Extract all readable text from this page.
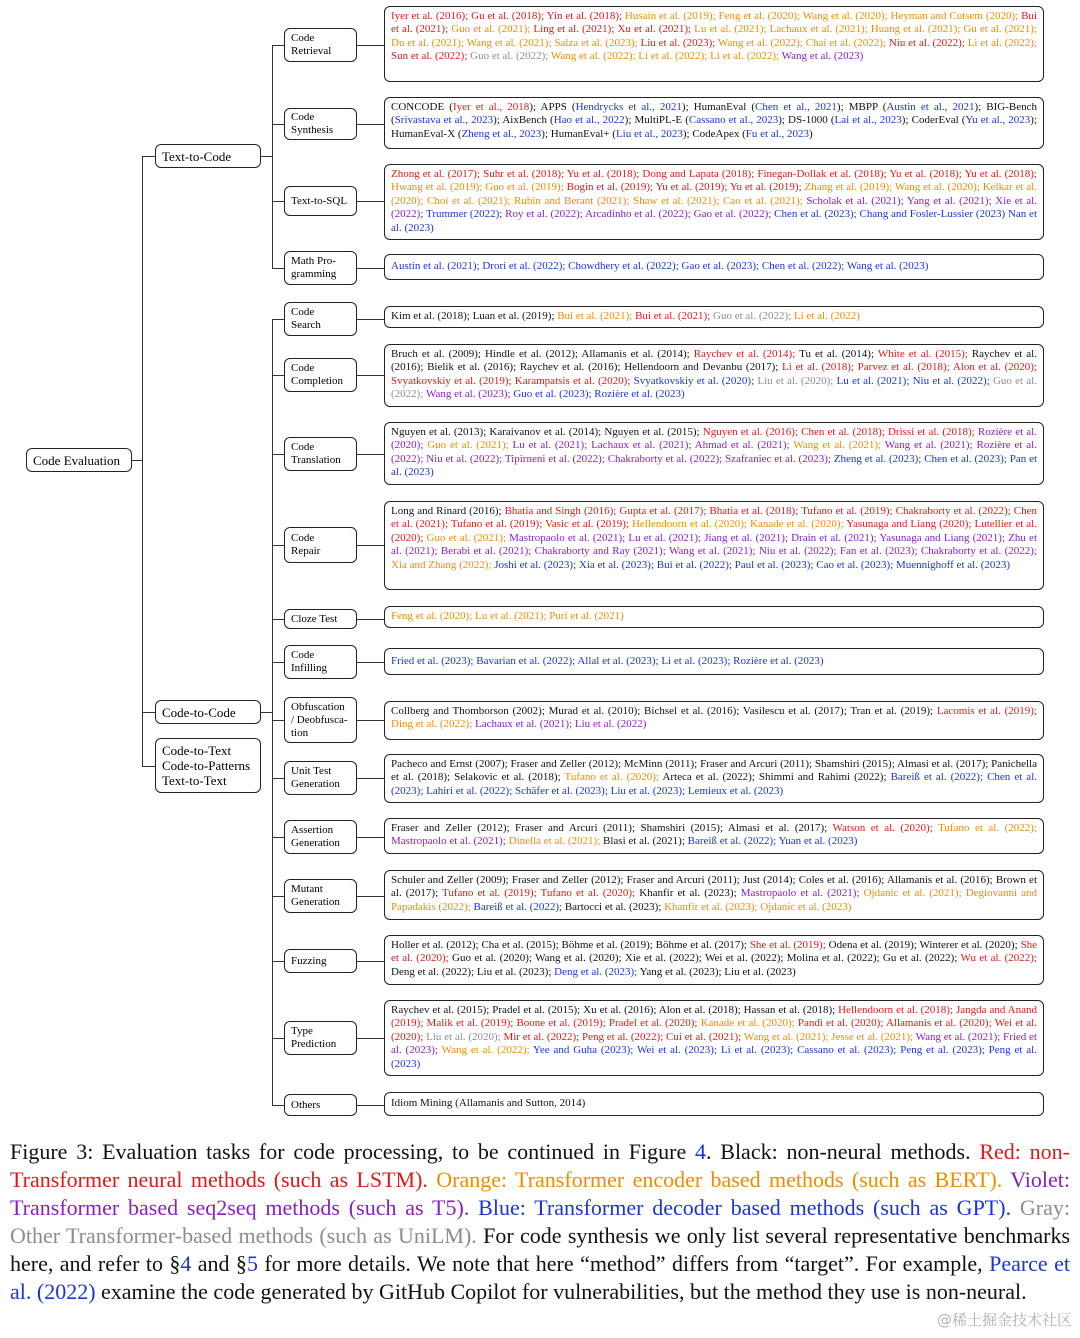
Code Evaluation
Text-to-Code
Code
Retrieval
Iyer et al. (2016); Gu et al. (2018); Yin et al. (2018); Husain et al. (2019); Feng et al. (2020); Wang et al. (2020); Heyman and Cutsem (2020); Bui et al. (2021); Guo et al. (2021); Ling et al. (2021); Xu et al. (2021); Lu et al. (2021); Lachaux et al. (2021); Huang et al. (2021); Gu et al. (2021); Du et al. (2021); Wang et al. (2021); Salza et al. (2023); Liu et al. (2023); Wang et al. (2022); Chai et al. (2022); Niu et al. (2022); Li et al. (2022); Sun et al. (2022); Guo et al. (2022); Wang et al. (2022); Li et al. (2022); Li et al. (2022); Wang et al. (2023)
Code
Synthesis
CONCODE (Iyer et al., 2018); APPS (Hendrycks et al., 2021); HumanEval (Chen et al., 2021); MBPP (Austin et al., 2021); BIG-Bench (Srivastava et al., 2023); AixBench (Hao et al., 2022); MultiPL-E (Cassano et al., 2023); DS-1000 (Lai et al., 2023); CoderEval (Yu et al., 2023); HumanEval-X (Zheng et al., 2023); HumanEval+ (Liu et al., 2023); CodeApex (Fu et al., 2023)
Text-to-SQL
Zhong et al. (2017); Suhr et al. (2018); Yu et al. (2018); Dong and Lapata (2018); Finegan-Dollak et al. (2018); Yu et al. (2018); Yu et al. (2018); Hwang et al. (2019); Guo et al. (2019); Bogin et al. (2019); Yu et al. (2019); Yu et al. (2019); Zhang et al. (2019); Wang et al. (2020); Kelkar et al. (2020); Choi et al. (2021); Rubin and Berant (2021); Shaw et al. (2021); Cao et al. (2021); Scholak et al. (2021); Yang et al. (2021); Xie et al. (2022); Trummer (2022); Roy et al. (2022); Arcadinho et al. (2022); Gao et al. (2022); Chen et al. (2023); Chang and Fosler-Lussier (2023) Nan et al. (2023)
Math Pro-
gramming
Austin et al. (2021); Drori et al. (2022); Chowdhery et al. (2022); Gao et al. (2023); Chen et al. (2022); Wang et al. (2023)
Code-to-Code
Code
Search
Kim et al. (2018); Luan et al. (2019); Bui et al. (2021); Bui et al. (2021); Guo et al. (2022); Li et al. (2022)
Code
Completion
Bruch et al. (2009); Hindle et al. (2012); Allamanis et al. (2014); Raychev et al. (2014); Tu et al. (2014); White et al. (2015); Raychev et al. (2016); Bielik et al. (2016); Raychev et al. (2016); Hellendoorn and Devanbu (2017); Li et al. (2018); Parvez et al. (2018); Alon et al. (2020); Svyatkovskiy et al. (2019); Karampatsis et al. (2020); Svyatkovskiy et al. (2020); Liu et al. (2020); Lu et al. (2021); Niu et al. (2022); Guo et al. (2022); Wang et al. (2023); Guo et al. (2023); Rozière et al. (2023)
Code
Translation
Nguyen et al. (2013); Karaivanov et al. (2014); Nguyen et al. (2015); Nguyen et al. (2016); Chen et al. (2018); Drissi et al. (2018); Rozière et al. (2020); Guo et al. (2021); Lu et al. (2021); Lachaux et al. (2021); Ahmad et al. (2021); Wang et al. (2021); Wang et al. (2021); Rozière et al. (2022); Niu et al. (2022); Tipirneni et al. (2022); Chakraborty et al. (2022); Szafraniec et al. (2023); Zheng et al. (2023); Chen et al. (2023); Pan et al. (2023)
Code
Repair
Long and Rinard (2016); Bhatia and Singh (2016); Gupta et al. (2017); Bhatia et al. (2018); Tufano et al. (2019); Chakraborty et al. (2022); Chen et al. (2021); Tufano et al. (2019); Vasic et al. (2019); Hellendoorn et al. (2020); Kanade et al. (2020); Yasunaga and Liang (2020); Lutellier et al. (2020); Guo et al. (2021); Mastropaolo et al. (2021); Lu et al. (2021); Jiang et al. (2021); Drain et al. (2021); Yasunaga and Liang (2021); Zhu et al. (2021); Berabi et al. (2021); Chakraborty and Ray (2021); Wang et al. (2021); Niu et al. (2022); Fan et al. (2023); Chakraborty et al. (2022); Xia and Zhang (2022); Joshi et al. (2023); Xia et al. (2023); Bui et al. (2022); Paul et al. (2023); Cao et al. (2023); Muennighoff et al. (2023)
Cloze Test	Feng et al. (2020); Lu et al. (2021); Puri et al. (2021)
Code
Infilling
Fried et al. (2023); Bavarian et al. (2022); Allal et al. (2023); Li et al. (2023); Rozière et al. (2023)
Obfuscation
/ Deobfusca-
tion
Collberg and Thomborson (2002); Murad et al. (2010); Bichsel et al. (2016); Vasilescu et al. (2017); Tran et al. (2019); Lacomis et al. (2019); Ding et al. (2022); Lachaux et al. (2021); Liu et al. (2022)
Unit Test
Generation
Pacheco and Ernst (2007); Fraser and Zeller (2012); McMinn (2011); Fraser and Arcuri (2011); Shamshiri (2015); Almasi et al. (2017); Panichella et al. (2018); Selakovic et al. (2018); Tufano et al. (2020); Arteca et al. (2022); Shimmi and Rahimi (2022); Bareiß et al. (2022); Chen et al. (2023); Lahiri et al. (2022); Schäfer et al. (2023); Liu et al. (2023); Lemieux et al. (2023)
Assertion
Generation
Fraser and Zeller (2012); Fraser and Arcuri (2011); Shamshiri (2015); Almasi et al. (2017); Watson et al. (2020); Tufano et al. (2022); Mastropaolo et al. (2021); Dinella et al. (2021); Blasi et al. (2021); Bareiß et al. (2022); Yuan et al. (2023)
Mutant
Generation
Schuler and Zeller (2009); Fraser and Zeller (2012); Fraser and Arcuri (2011); Just (2014); Coles et al. (2016); Allamanis et al. (2016); Brown et al. (2017); Tufano et al. (2019); Tufano et al. (2020); Khanfir et al. (2023); Mastropaolo et al. (2021); Ojdanic et al. (2021); Degiovanni and Papadakis (2022); Bareiß et al. (2022); Bartocci et al. (2023); Khanfir et al. (2023); Ojdanic et al. (2023)
Fuzzing
Holler et al. (2012); Cha et al. (2015); Böhme et al. (2019); Böhme et al. (2017); She et al. (2019); Odena et al. (2019); Winterer et al. (2020); She et al. (2020); Guo et al. (2020); Wang et al. (2020); Xie et al. (2022); Wei et al. (2022); Molina et al. (2022); Gu et al. (2022); Wu et al. (2022); Deng et al. (2022); Liu et al. (2023); Deng et al. (2023); Yang et al. (2023); Liu et al. (2023)
Type
Prediction
Raychev et al. (2015); Pradel et al. (2015); Xu et al. (2016); Alon et al. (2018); Hassan et al. (2018); Hellendoorn et al. (2018); Jangda and Anand (2019); Malik et al. (2019); Boone et al. (2019); Pradel et al. (2020); Kanade et al. (2020); Pandi et al. (2020); Allamanis et al. (2020); Wei et al. (2020); Liu et al. (2020); Mir et al. (2022); Peng et al. (2022); Cui et al. (2021); Wang et al. (2021); Jesse et al. (2021); Wang et al. (2021); Fried et al. (2023); Wang et al. (2022); Yee and Guha (2023); Wei et al. (2023); Li et al. (2023); Cassano et al. (2023); Peng et al. (2023); Peng et al. (2023)
Others	Idiom Mining (Allamanis and Sutton, 2014)
Code-to-Text
Code-to-Patterns
Text-to-Text
Figure 3: Evaluation tasks for code processing, to be continued in Figure 4. Black: non-neural methods. Red: non-Transformer neural methods (such as LSTM). Orange: Transformer encoder based methods (such as BERT). Violet: Transformer based seq2seq methods (such as T5). Blue: Transformer decoder based methods (such as GPT). Gray: Other Transformer-based methods (such as UniLM). For code synthesis we only list several representative benchmarks here, and refer to §4 and §5 for more details. We note that here “method” differs from “target”. For example, Pearce et al. (2022) examine the code generated by GitHub Copilot for vulnerabilities, but the method they use is non-neural.
@稀土掘金技术社区
